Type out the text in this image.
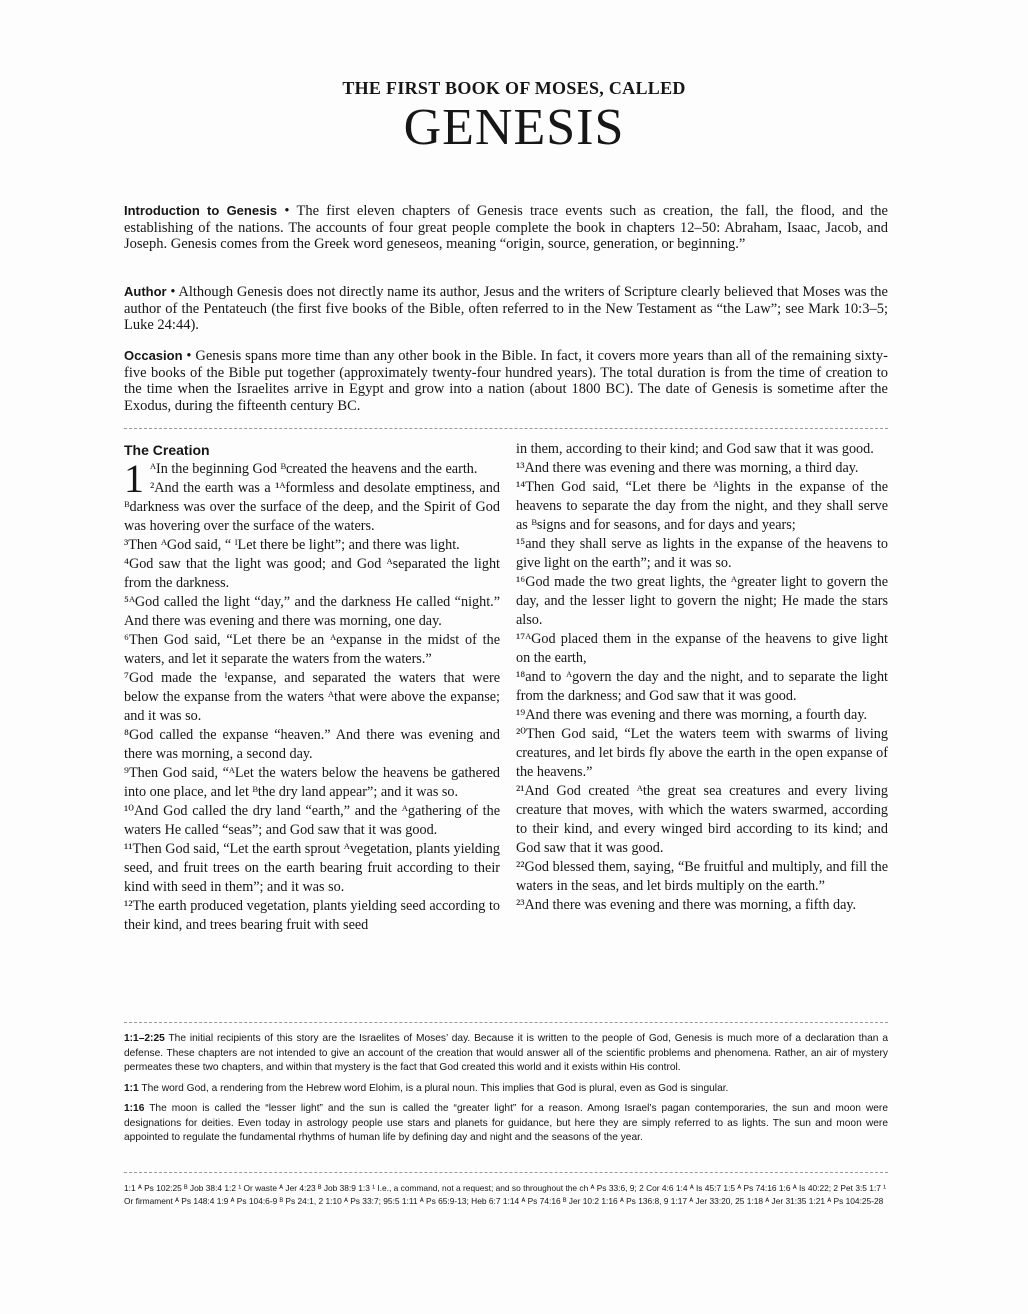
THE FIRST BOOK OF MOSES, CALLED
GENESIS
Introduction to Genesis • The first eleven chapters of Genesis trace events such as creation, the fall, the flood, and the establishing of the nations. The accounts of four great people complete the book in chapters 12–50: Abraham, Isaac, Jacob, and Joseph. Genesis comes from the Greek word geneseos, meaning “origin, source, generation, or beginning.”
Author • Although Genesis does not directly name its author, Jesus and the writers of Scripture clearly believed that Moses was the author of the Pentateuch (the first five books of the Bible, often referred to in the New Testament as “the Law”; see Mark 10:3–5; Luke 24:44).
Occasion • Genesis spans more time than any other book in the Bible. In fact, it covers more years than all of the remaining sixty-five books of the Bible put together (approximately twenty-four hundred years). The total duration is from the time of creation to the time when the Israelites arrive in Egypt and grow into a nation (about 1800 BC). The date of Genesis is sometime after the Exodus, during the fifteenth century BC.
The Creation
1 ᴬIn the beginning God ᴮcreated the heavens and the earth.

²And the earth was a ¹ᴬformless and desolate emptiness, and ᴮdarkness was over the surface of the deep, and the Spirit of God was hovering over the surface of the waters.

³Then ᴬGod said, “ ᴵLet there be light”; and there was light.

⁴God saw that the light was good; and God ᴬseparated the light from the darkness.

⁵ᴬGod called the light “day,” and the darkness He called “night.” And there was evening and there was morning, one day.

⁶Then God said, “Let there be an ᴬexpanse in the midst of the waters, and let it separate the waters from the waters.”

⁷God made the ᴵexpanse, and separated the waters that were below the expanse from the waters ᴬthat were above the expanse; and it was so.

⁸God called the expanse “heaven.” And there was evening and there was morning, a second day.

⁹Then God said, “ᴬLet the waters below the heavens be gathered into one place, and let ᴮthe dry land appear”; and it was so.

¹⁰And God called the dry land “earth,” and the ᴬgathering of the waters He called “seas”; and God saw that it was good.

¹¹Then God said, “Let the earth sprout ᴬvegetation, plants yielding seed, and fruit trees on the earth bearing fruit according to their kind with seed in them”; and it was so.

¹²The earth produced vegetation, plants yielding seed according to their kind, and trees bearing fruit with seed

in them, according to their kind; and God saw that it was good.

¹³And there was evening and there was morning, a third day.

¹⁴Then God said, “Let there be ᴬlights in the expanse of the heavens to separate the day from the night, and they shall serve as ᴮsigns and for seasons, and for days and years;

¹⁵and they shall serve as lights in the expanse of the heavens to give light on the earth”; and it was so.

¹⁶God made the two great lights, the ᴬgreater light to govern the day, and the lesser light to govern the night; He made the stars also.

¹⁷ᴬGod placed them in the expanse of the heavens to give light on the earth,

¹⁸and to ᴬgovern the day and the night, and to separate the light from the darkness; and God saw that it was good.

¹⁹And there was evening and there was morning, a fourth day.

²⁰Then God said, “Let the waters teem with swarms of living creatures, and let birds fly above the earth in the open expanse of the heavens.”

²¹And God created ᴬthe great sea creatures and every living creature that moves, with which the waters swarmed, according to their kind, and every winged bird according to its kind; and God saw that it was good.

²²God blessed them, saying, “Be fruitful and multiply, and fill the waters in the seas, and let birds multiply on the earth.”

²³And there was evening and there was morning, a fifth day.

1:1–2:25 The initial recipients of this story are the Israelites of Moses’ day. Because it is written to the people of God, Genesis is much more of a declaration than a defense. These chapters are not intended to give an account of the creation that would answer all of the scientific problems and phenomena. Rather, an air of mystery permeates these two chapters, and within that mystery is the fact that God created this world and it exists within His control.

1:1 The word God, a rendering from the Hebrew word Elohim, is a plural noun. This implies that God is plural, even as God is singular.

1:16 The moon is called the “lesser light” and the sun is called the “greater light” for a reason. Among Israel’s pagan contemporaries, the sun and moon were designations for deities. Even today in astrology people use stars and planets for guidance, but here they are simply referred to as lights. The sun and moon were appointed to regulate the fundamental rhythms of human life by defining day and night and the seasons of the year.

1:1 ᴬ Ps 102:25 ᴮ Job 38:4 1:2 ¹ Or waste ᴬ Jer 4:23 ᴮ Job 38:9 1:3 ¹ I.e., a command, not a request; and so throughout the ch ᴬ Ps 33:6, 9; 2 Cor 4:6 1:4 ᴬ Is 45:7 1:5 ᴬ Ps 74:16 1:6 ᴬ Is 40:22; 2 Pet 3:5 1:7 ¹ Or firmament ᴬ Ps 148:4 1:9 ᴬ Ps 104:6-9 ᴮ Ps 24:1, 2 1:10 ᴬ Ps 33:7; 95:5 1:11 ᴬ Ps 65:9-13; Heb 6:7 1:14 ᴬ Ps 74:16 ᴮ Jer 10:2 1:16 ᴬ Ps 136:8, 9 1:17 ᴬ Jer 33:20, 25 1:18 ᴬ Jer 31:35 1:21 ᴬ Ps 104:25-28
